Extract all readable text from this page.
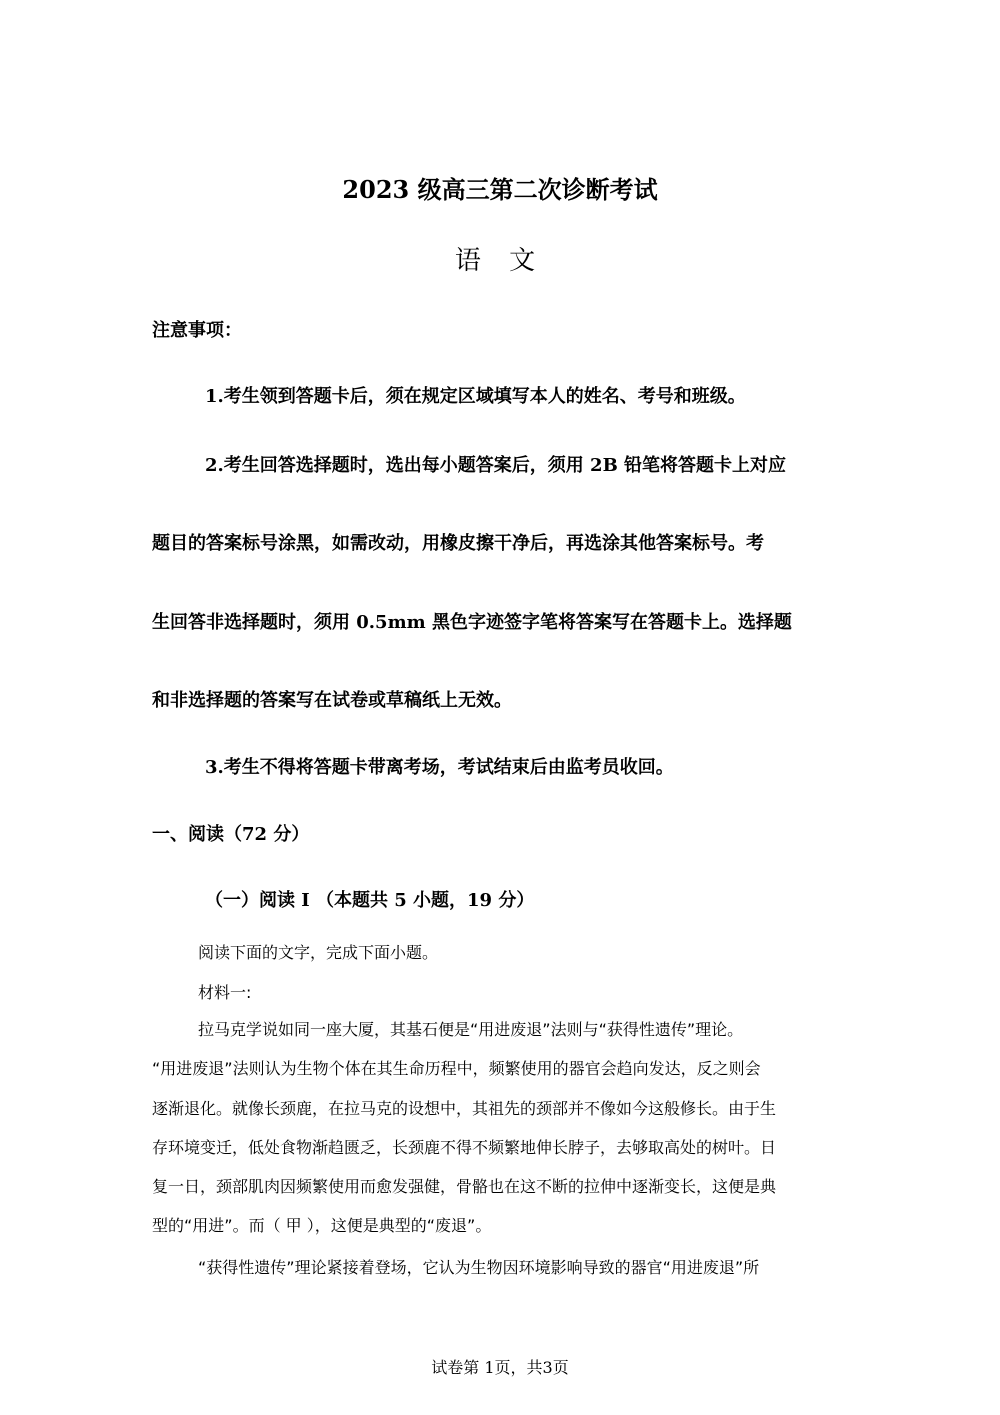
2023 级高三第二次诊断考试
语 文
注意事项：
1.考生领到答题卡后，须在规定区域填写本人的姓名、考号和班级。
2.考生回答选择题时，选出每小题答案后，须用 2B 铅笔将答题卡上对应
题目的答案标号涂黑，如需改动，用橡皮擦干净后，再选涂其他答案标号。考
生回答非选择题时，须用 0.5mm 黑色字迹签字笔将答案写在答题卡上。选择题
和非选择题的答案写在试卷或草稿纸上无效。
3.考生不得将答题卡带离考场，考试结束后由监考员收回。
一、阅读（72 分）
（一）阅读 I （本题共 5 小题，19 分）
阅读下面的文字，完成下面小题。
材料一:
拉马克学说如同一座大厦，其基石便是“用进废退”法则与“获得性遗传”理论。
“用进废退”法则认为生物个体在其生命历程中，频繁使用的器官会趋向发达，反之则会
逐渐退化。就像长颈鹿，在拉马克的设想中，其祖先的颈部并不像如今这般修长。由于生
存环境变迁，低处食物渐趋匮乏，长颈鹿不得不频繁地伸长脖子，去够取高处的树叶。日
复一日，颈部肌肉因频繁使用而愈发强健，骨骼也在这不断的拉伸中逐渐变长，这便是典
型的“用进”。而（ 甲 ），这便是典型的“废退”。
“获得性遗传”理论紧接着登场，它认为生物因环境影响导致的器官“用进废退”所
试卷第 1页，共3页
